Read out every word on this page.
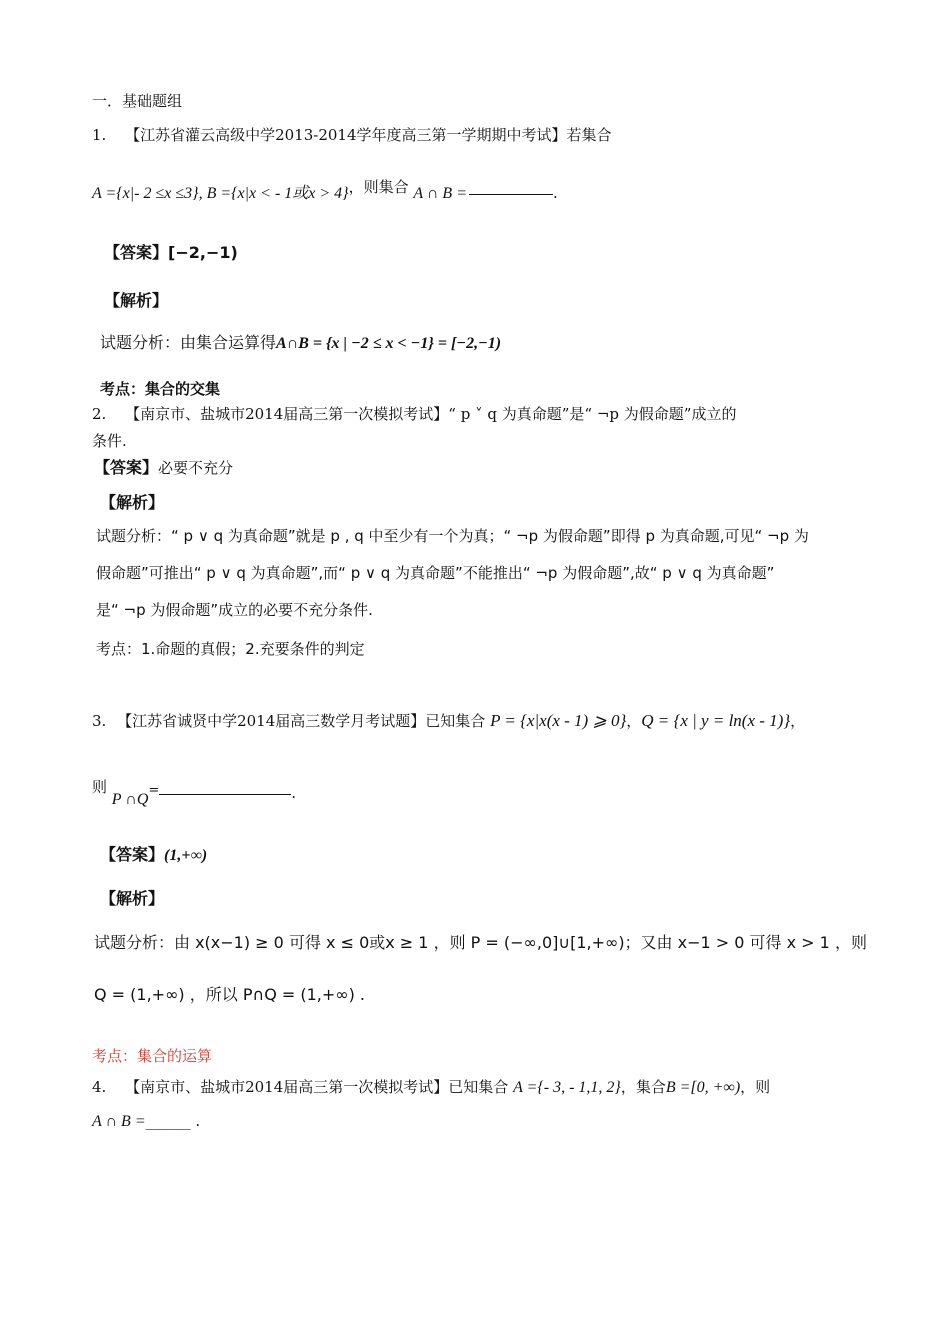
一．基础题组
1. 【江苏省灌云高级中学2013-2014学年度高三第一学期期中考试】若集合
A ={x|- 2 ≤x ≤3}, B ={x|x < - 1或x > 4}，则集合 A ∩ B =	.
【答案】[−2,−1)
【解析】
试题分析：由集合运算得A∩B = {x | −2 ≤ x < −1} = [−2,−1)
考点：集合的交集
2. 【南京市、盐城市2014届高三第一次模拟考试】“ p ˅ q 为真命题”是“ ¬p 为假命题”成立的
条件.
【答案】必要不充分
【解析】
试题分析：“ p ∨ q 为真命题”就是 p , q 中至少有一个为真；“ ¬p 为假命题”即得 p 为真命题,可见“ ¬p 为
假命题”可推出“ p ∨ q 为真命题”,而“ p ∨ q 为真命题”不能推出“ ¬p 为假命题”,故“ p ∨ q 为真命题”
是“ ¬p 为假命题”成立的必要不充分条件.
考点：1.命题的真假；2.充要条件的判定
3. 【江苏省诚贤中学2014届高三数学月考试题】已知集合 P = {x|x(x - 1) ⩾ 0}，Q = {x | y = ln(x - 1)}，
则 P ∩Q=	.
【答案】(1,+∞)
【解析】
试题分析：由 x(x−1) ≥ 0 可得 x ≤ 0或x ≥ 1 ，则 P = (−∞,0]∪[1,+∞)；又由 x−1 > 0 可得 x > 1 ，则
Q = (1,+∞) ，所以 P∩Q = (1,+∞) .
考点：集合的运算
4. 【南京市、盐城市2014届高三第一次模拟考试】已知集合 A ={- 3, - 1,1, 2}，集合B =[0, +∞)，则
A ∩ B =______ .
